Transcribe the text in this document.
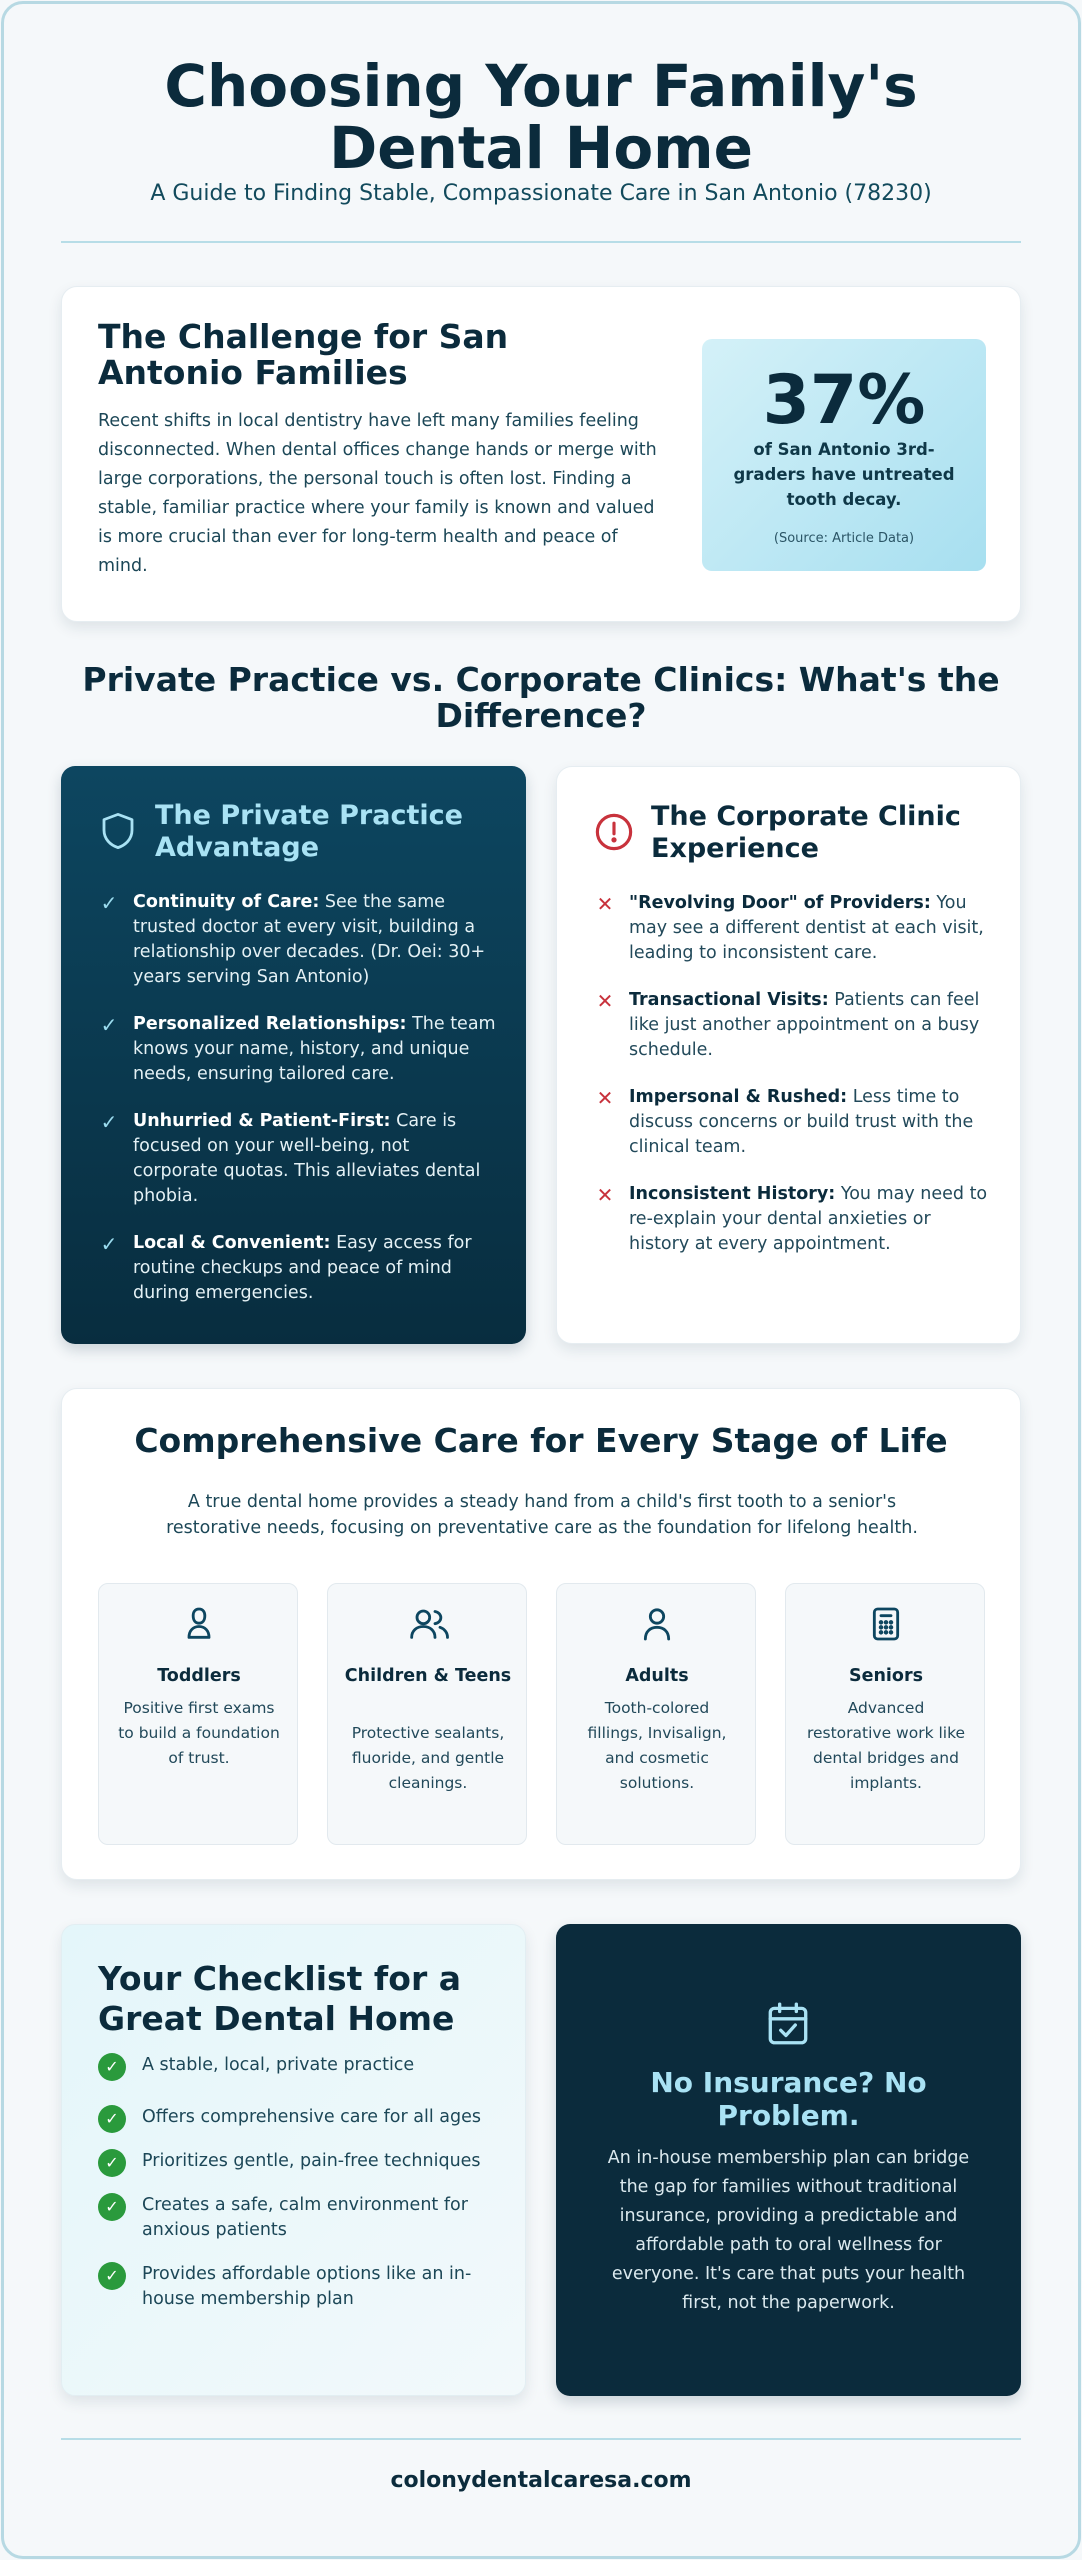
Choosing Your Family's Dental Home
A Guide to Finding Stable, Compassionate Care in San Antonio (78230)
The Challenge for San Antonio Families

Recent shifts in local dentistry have left many families feeling disconnected. When dental offices change hands or merge with large corporations, the personal touch is often lost. Finding a stable, familiar practice where your family is known and valued is more crucial than ever for long-term health and peace of mind.

37%
of San Antonio 3rd-graders have untreated tooth decay.
(Source: Article Data)
Private Practice vs. Corporate Clinics: What's the Difference?
The Private Practice Advantage
✓ Continuity of Care: See the same trusted doctor at every visit, building a relationship over decades. (Dr. Oei: 30+ years serving San Antonio)
✓ Personalized Relationships: The team knows your name, history, and unique needs, ensuring tailored care.
✓ Unhurried & Patient-First: Care is focused on your well-being, not corporate quotas. This alleviates dental phobia.
✓ Local & Convenient: Easy access for routine checkups and peace of mind during emergencies.
The Corporate Clinic Experience
✕ "Revolving Door" of Providers: You may see a different dentist at each visit, leading to inconsistent care.
✕ Transactional Visits: Patients can feel like just another appointment on a busy schedule.
✕ Impersonal & Rushed: Less time to discuss concerns or build trust with the clinical team.
✕ Inconsistent History: You may need to re-explain your dental anxieties or history at every appointment.
Comprehensive Care for Every Stage of Life

A true dental home provides a steady hand from a child's first tooth to a senior's restorative needs, focusing on preventative care as the foundation for lifelong health.

Toddlers
Positive first exams to build a foundation of trust.
Children & Teens
Protective sealants, fluoride, and gentle cleanings.
Adults
Tooth-colored fillings, Invisalign, and cosmetic solutions.
Seniors
Advanced restorative work like dental bridges and implants.
Your Checklist for a Great Dental Home
✓	A stable, local, private practice
✓	Offers comprehensive care for all ages
✓	Prioritizes gentle, pain-free techniques
✓	Creates a safe, calm environment for anxious patients
✓	Provides affordable options like an in-house membership plan
No Insurance? No Problem.

An in-house membership plan can bridge the gap for families without traditional insurance, providing a predictable and affordable path to oral wellness for everyone. It's care that puts your health first, not the paperwork.

colonydentalcaresa.com
